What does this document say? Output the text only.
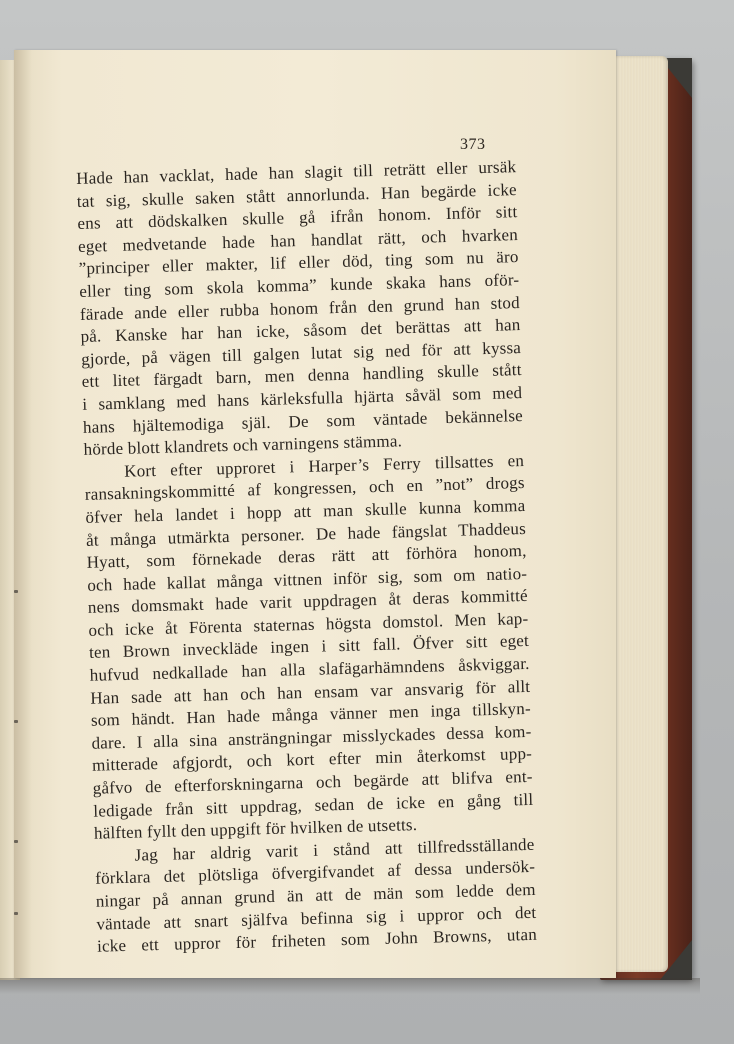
373
Hade han vacklat, hade han slagit till reträtt eller ursäk
tat sig, skulle saken stått annorlunda. Han begärde icke
ens att dödskalken skulle gå ifrån honom. Inför sitt
eget medvetande hade han handlat rätt, och hvarken
”principer eller makter, lif eller död, ting som nu äro
eller ting som skola komma” kunde skaka hans oför-
färade ande eller rubba honom från den grund han stod
på. Kanske har han icke, såsom det berättas att han
gjorde, på vägen till galgen lutat sig ned för att kyssa
ett litet färgadt barn, men denna handling skulle stått
i samklang med hans kärleksfulla hjärta såväl som med
hans hjältemodiga själ. De som väntade bekännelse
hörde blott klandrets och varningens stämma.
Kort efter upproret i Harper’s Ferry tillsattes en
ransakningskommitté af kongressen, och en ”not” drogs
öfver hela landet i hopp att man skulle kunna komma
åt många utmärkta personer. De hade fängslat Thaddeus
Hyatt, som förnekade deras rätt att förhöra honom,
och hade kallat många vittnen inför sig, som om natio-
nens domsmakt hade varit uppdragen åt deras kommitté
och icke åt Förenta staternas högsta domstol. Men kap-
ten Brown inveckläde ingen i sitt fall. Öfver sitt eget
hufvud nedkallade han alla slafägarhämndens åskviggar.
Han sade att han och han ensam var ansvarig för allt
som händt. Han hade många vänner men inga tillskyn-
dare. I alla sina ansträngningar misslyckades dessa kom-
mitterade afgjordt, och kort efter min återkomst upp-
gåfvo de efterforskningarna och begärde att blifva ent-
ledigade från sitt uppdrag, sedan de icke en gång till
hälften fyllt den uppgift för hvilken de utsetts.
Jag har aldrig varit i stånd att tillfredsställande
förklara det plötsliga öfvergifvandet af dessa undersök-
ningar på annan grund än att de män som ledde dem
väntade att snart själfva befinna sig i uppror och det
icke ett uppror för friheten som John Browns, utan
